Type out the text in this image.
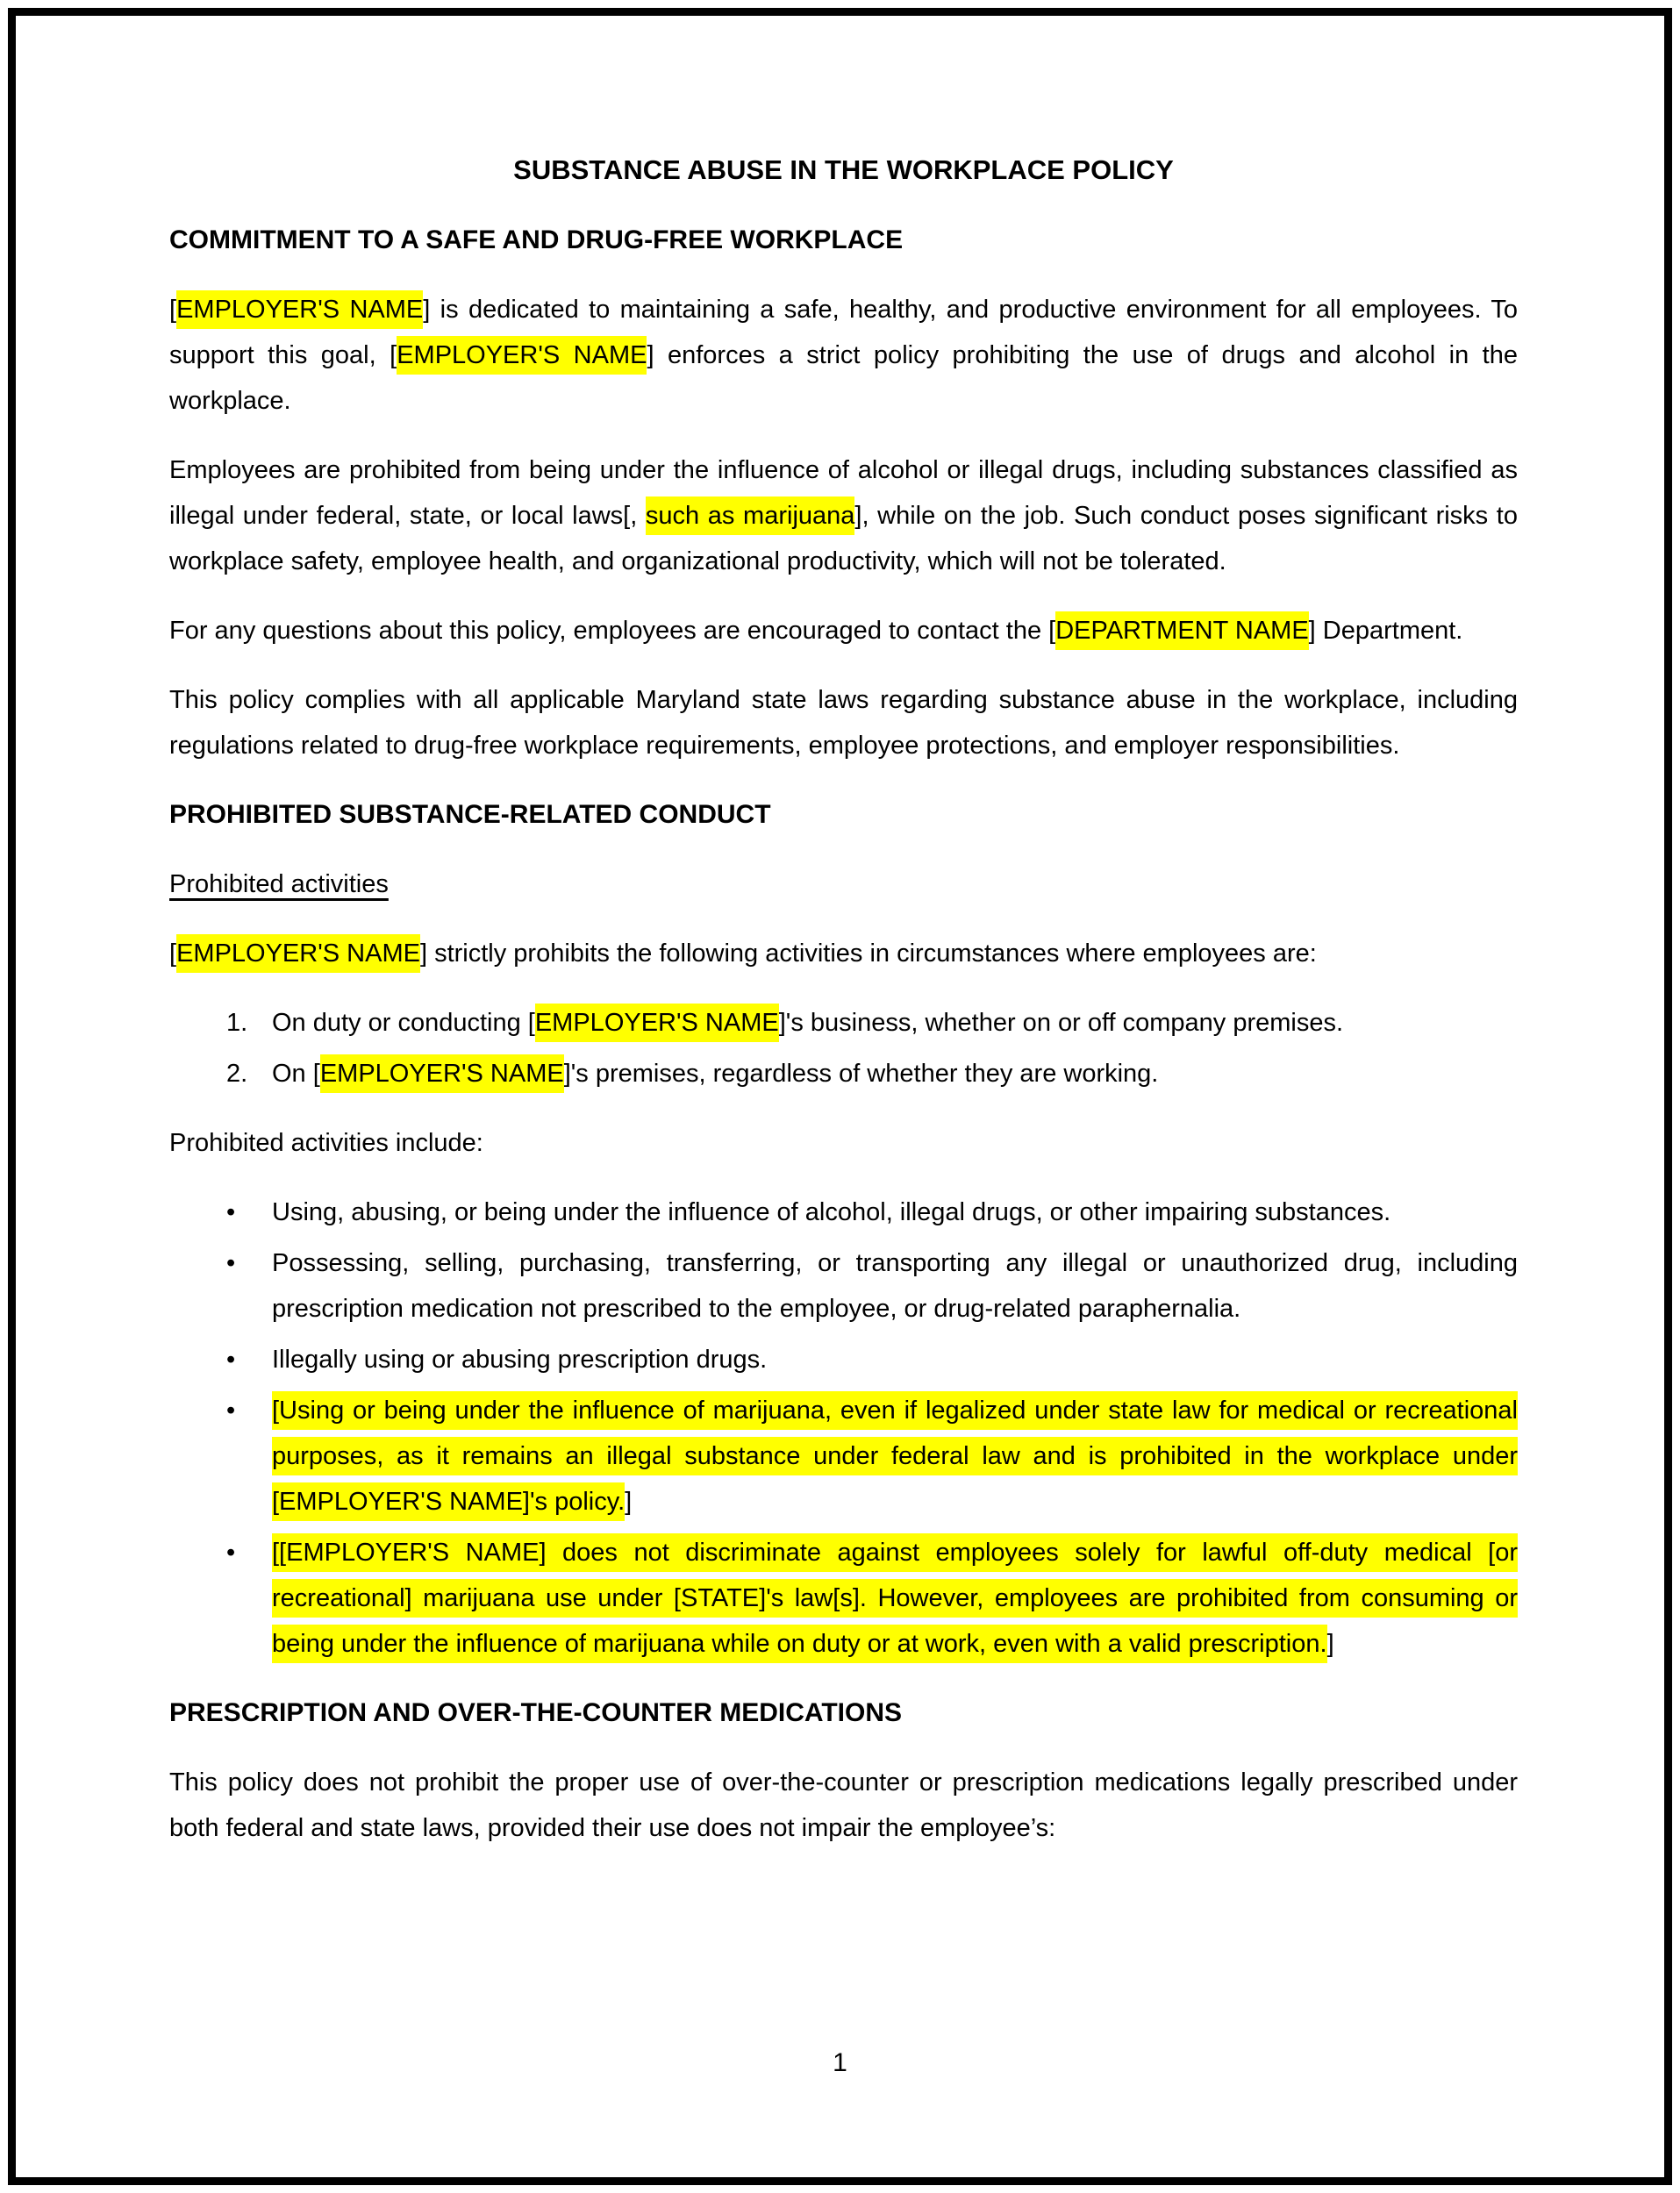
SUBSTANCE ABUSE IN THE WORKPLACE POLICY

COMMITMENT TO A SAFE AND DRUG-FREE WORKPLACE

[EMPLOYER'S NAME] is dedicated to maintaining a safe, healthy, and productive environment for all employees. To support this goal, [EMPLOYER'S NAME] enforces a strict policy prohibiting the use of drugs and alcohol in the workplace.

Employees are prohibited from being under the influence of alcohol or illegal drugs, including substances classified as illegal under federal, state, or local laws[, such as marijuana], while on the job. Such conduct poses significant risks to workplace safety, employee health, and organizational productivity, which will not be tolerated.

For any questions about this policy, employees are encouraged to contact the [DEPARTMENT NAME] Department.

This policy complies with all applicable Maryland state laws regarding substance abuse in the workplace, including regulations related to drug-free workplace requirements, employee protections, and employer responsibilities.

PROHIBITED SUBSTANCE-RELATED CONDUCT

Prohibited activities

[EMPLOYER'S NAME] strictly prohibits the following activities in circumstances where employees are:

1. On duty or conducting [EMPLOYER'S NAME]'s business, whether on or off company premises.
2. On [EMPLOYER'S NAME]'s premises, regardless of whether they are working.

Prohibited activities include:

•	Using, abusing, or being under the influence of alcohol, illegal drugs, or other impairing substances.
•	Possessing, selling, purchasing, transferring, or transporting any illegal or unauthorized drug, including prescription medication not prescribed to the employee, or drug-related paraphernalia.
•	Illegally using or abusing prescription drugs.
•	[Using or being under the influence of marijuana, even if legalized under state law for medical or recreational purposes, as it remains an illegal substance under federal law and is prohibited in the workplace under [EMPLOYER'S NAME]'s policy.]
•	[[EMPLOYER'S NAME] does not discriminate against employees solely for lawful off-duty medical [or recreational] marijuana use under [STATE]'s law[s]. However, employees are prohibited from consuming or being under the influence of marijuana while on duty or at work, even with a valid prescription.]

PRESCRIPTION AND OVER-THE-COUNTER MEDICATIONS

This policy does not prohibit the proper use of over-the-counter or prescription medications legally prescribed under both federal and state laws, provided their use does not impair the employee’s:

1
